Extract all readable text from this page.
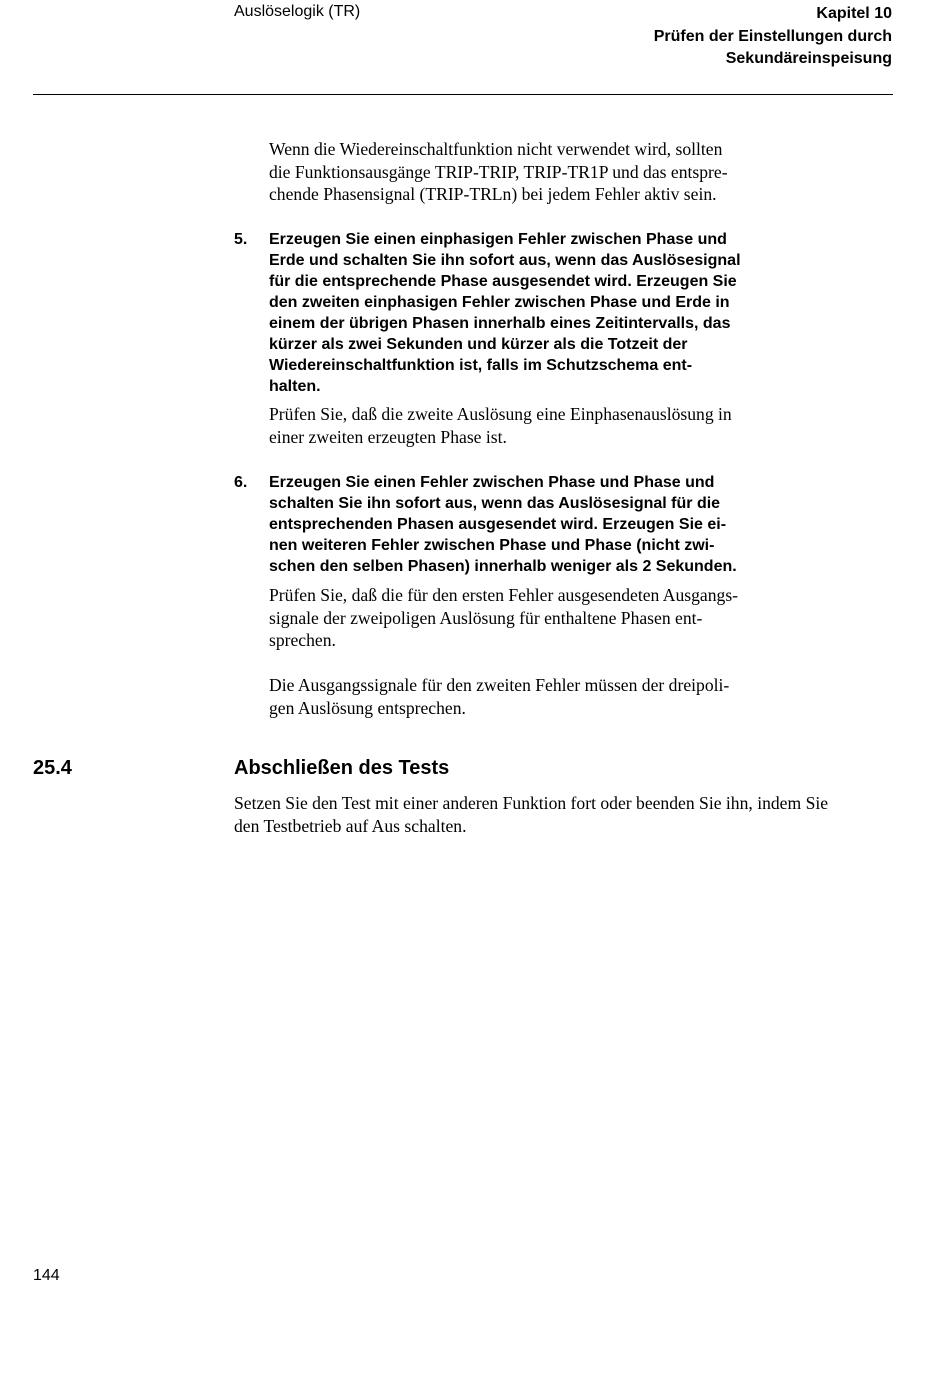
Auslöselogik (TR)	Kapitel 10
Prüfen der Einstellungen durch
Sekundäreinspeisung
Wenn die Wiedereinschaltfunktion nicht verwendet wird, sollten
die Funktionsausgänge TRIP-TRIP, TRIP-TR1P und das entspre-
chende Phasensignal (TRIP-TRLn) bei jedem Fehler aktiv sein.
5. Erzeugen Sie einen einphasigen Fehler zwischen Phase und
Erde und schalten Sie ihn sofort aus, wenn das Auslösesignal
für die entsprechende Phase ausgesendet wird. Erzeugen Sie
den zweiten einphasigen Fehler zwischen Phase und Erde in
einem der übrigen Phasen innerhalb eines Zeitintervalls, das
kürzer als zwei Sekunden und kürzer als die Totzeit der
Wiedereinschaltfunktion ist, falls im Schutzschema ent-
halten.
Prüfen Sie, daß die zweite Auslösung eine Einphasenauslösung in
einer zweiten erzeugten Phase ist.
6. Erzeugen Sie einen Fehler zwischen Phase und Phase und
schalten Sie ihn sofort aus, wenn das Auslösesignal für die
entsprechenden Phasen ausgesendet wird. Erzeugen Sie ei-
nen weiteren Fehler zwischen Phase und Phase (nicht zwi-
schen den selben Phasen) innerhalb weniger als 2 Sekunden.
Prüfen Sie, daß die für den ersten Fehler ausgesendeten Ausgangs-
signale der zweipoligen Auslösung für enthaltene Phasen ent-
sprechen.
Die Ausgangssignale für den zweiten Fehler müssen der dreipoli-
gen Auslösung entsprechen.
25.4	Abschließen des Tests
Setzen Sie den Test mit einer anderen Funktion fort oder beenden Sie ihn, indem Sie
den Testbetrieb auf Aus schalten.
144
